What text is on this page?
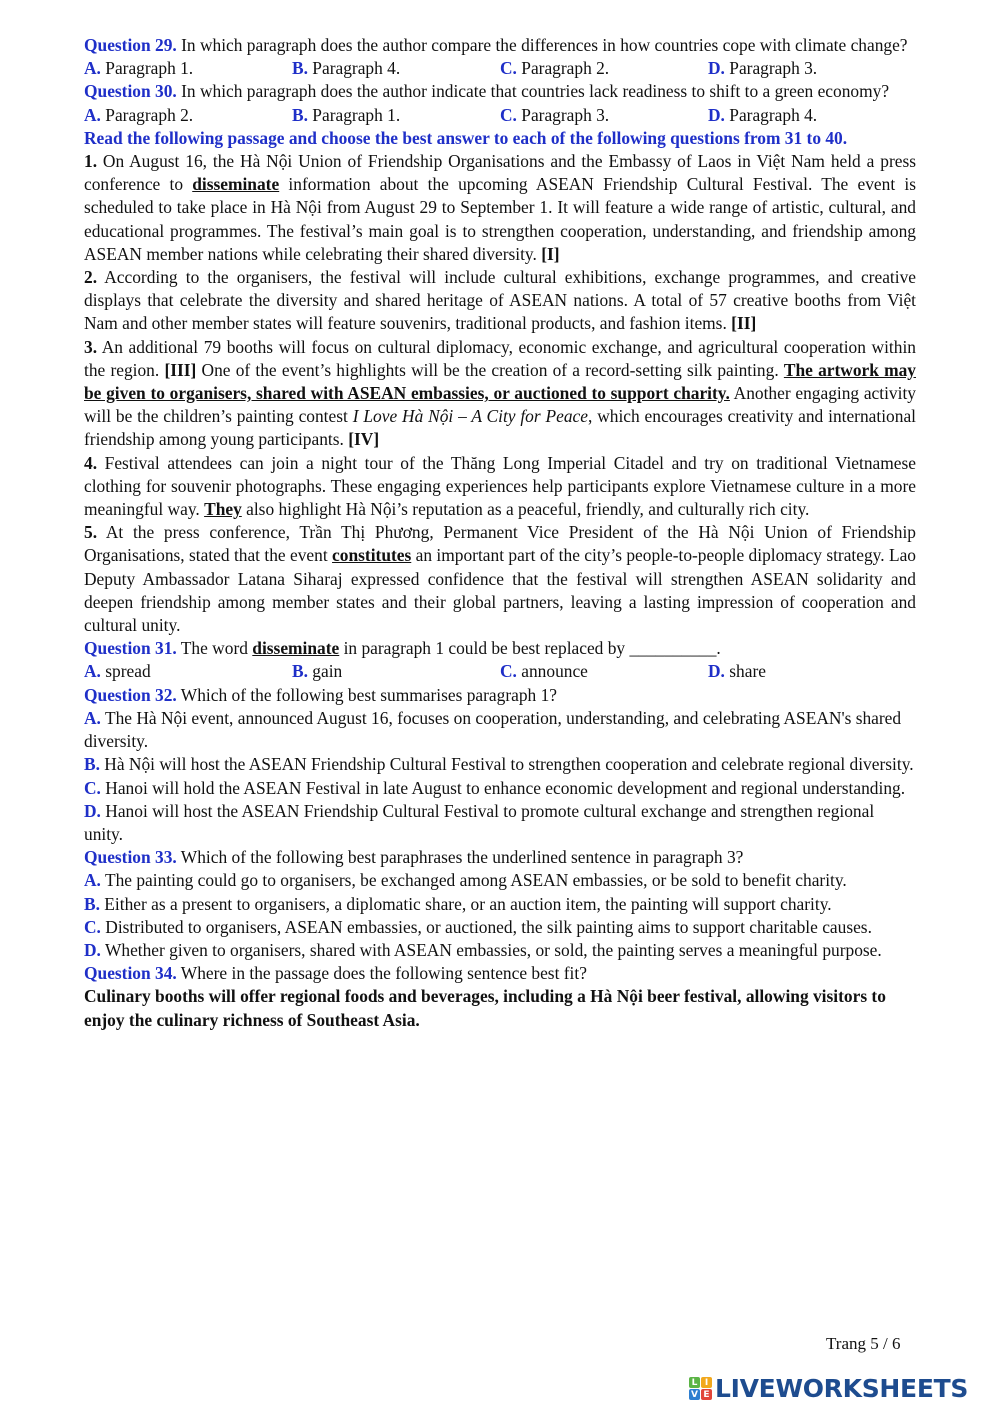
Question 29. In which paragraph does the author compare the differences in how countries cope with climate change?
A. Paragraph 1.	B. Paragraph 4.	C. Paragraph 2.	D. Paragraph 3.
Question 30. In which paragraph does the author indicate that countries lack readiness to shift to a green economy?
A. Paragraph 2.	B. Paragraph 1.	C. Paragraph 3.	D. Paragraph 4.
Read the following passage and choose the best answer to each of the following questions from 31 to 40.
1. On August 16, the Hà Nội Union of Friendship Organisations and the Embassy of Laos in Việt Nam held a press conference to disseminate information about the upcoming ASEAN Friendship Cultural Festival. The event is scheduled to take place in Hà Nội from August 29 to September 1. It will feature a wide range of artistic, cultural, and educational programmes. The festival’s main goal is to strengthen cooperation, understanding, and friendship among ASEAN member nations while celebrating their shared diversity. [I]
2. According to the organisers, the festival will include cultural exhibitions, exchange programmes, and creative displays that celebrate the diversity and shared heritage of ASEAN nations. A total of 57 creative booths from Việt Nam and other member states will feature souvenirs, traditional products, and fashion items. [II]
3. An additional 79 booths will focus on cultural diplomacy, economic exchange, and agricultural cooperation within the region. [III] One of the event’s highlights will be the creation of a record-setting silk painting. The artwork may be given to organisers, shared with ASEAN embassies, or auctioned to support charity. Another engaging activity will be the children’s painting contest I Love Hà Nội – A City for Peace, which encourages creativity and international friendship among young participants. [IV]
4. Festival attendees can join a night tour of the Thăng Long Imperial Citadel and try on traditional Vietnamese clothing for souvenir photographs. These engaging experiences help participants explore Vietnamese culture in a more meaningful way. They also highlight Hà Nội’s reputation as a peaceful, friendly, and culturally rich city.
5. At the press conference, Trần Thị Phương, Permanent Vice President of the Hà Nội Union of Friendship Organisations, stated that the event constitutes an important part of the city’s people-to-people diplomacy strategy. Lao Deputy Ambassador Latana Siharaj expressed confidence that the festival will strengthen ASEAN solidarity and deepen friendship among member states and their global partners, leaving a lasting impression of cooperation and cultural unity.
Question 31. The word disseminate in paragraph 1 could be best replaced by __________.
A. spread	B. gain	C. announce	D. share
Question 32. Which of the following best summarises paragraph 1?
A. The Hà Nội event, announced August 16, focuses on cooperation, understanding, and celebrating ASEAN's shared diversity.
B. Hà Nội will host the ASEAN Friendship Cultural Festival to strengthen cooperation and celebrate regional diversity.
C. Hanoi will hold the ASEAN Festival in late August to enhance economic development and regional understanding.
D. Hanoi will host the ASEAN Friendship Cultural Festival to promote cultural exchange and strengthen regional unity.
Question 33. Which of the following best paraphrases the underlined sentence in paragraph 3?
A. The painting could go to organisers, be exchanged among ASEAN embassies, or be sold to benefit charity.
B. Either as a present to organisers, a diplomatic share, or an auction item, the painting will support charity.
C. Distributed to organisers, ASEAN embassies, or auctioned, the silk painting aims to support charitable causes.
D. Whether given to organisers, shared with ASEAN embassies, or sold, the painting serves a meaningful purpose.
Question 34. Where in the passage does the following sentence best fit?
Culinary booths will offer regional foods and beverages, including a Hà Nội beer festival, allowing visitors to enjoy the culinary richness of Southeast Asia.
Trang 5 / 6
L I
V E LIVEWORKSHEETS
